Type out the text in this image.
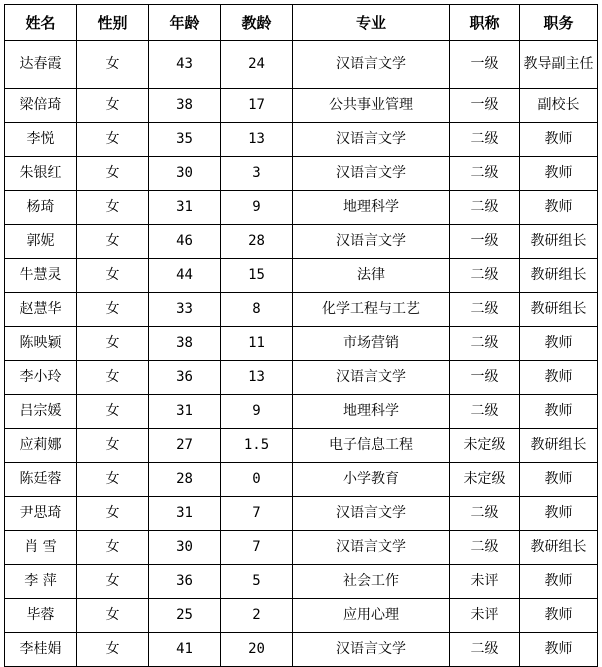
姓名	性别	年龄	教龄	专业	职称	职务
达春霞	女	43	24	汉语言文学	一级	教导副主任
梁倍琦	女	38	17	公共事业管理	一级	副校长
李悦	女	35	13	汉语言文学	二级	教师
朱银红	女	30	3	汉语言文学	二级	教师
杨琦	女	31	9	地理科学	二级	教师
郭妮	女	46	28	汉语言文学	一级	教研组长
牛慧灵	女	44	15	法律	二级	教研组长
赵慧华	女	33	8	化学工程与工艺	二级	教研组长
陈映颖	女	38	11	市场营销	二级	教师
李小玲	女	36	13	汉语言文学	一级	教师
吕宗媛	女	31	9	地理科学	二级	教师
应莉娜	女	27	1.5	电子信息工程	未定级	教研组长
陈廷蓉	女	28	0	小学教育	未定级	教师
尹思琦	女	31	7	汉语言文学	二级	教师
肖 雪	女	30	7	汉语言文学	二级	教研组长
李 萍	女	36	5	社会工作	未评	教师
毕蓉	女	25	2	应用心理	未评	教师
李桂娟	女	41	20	汉语言文学	二级	教师
